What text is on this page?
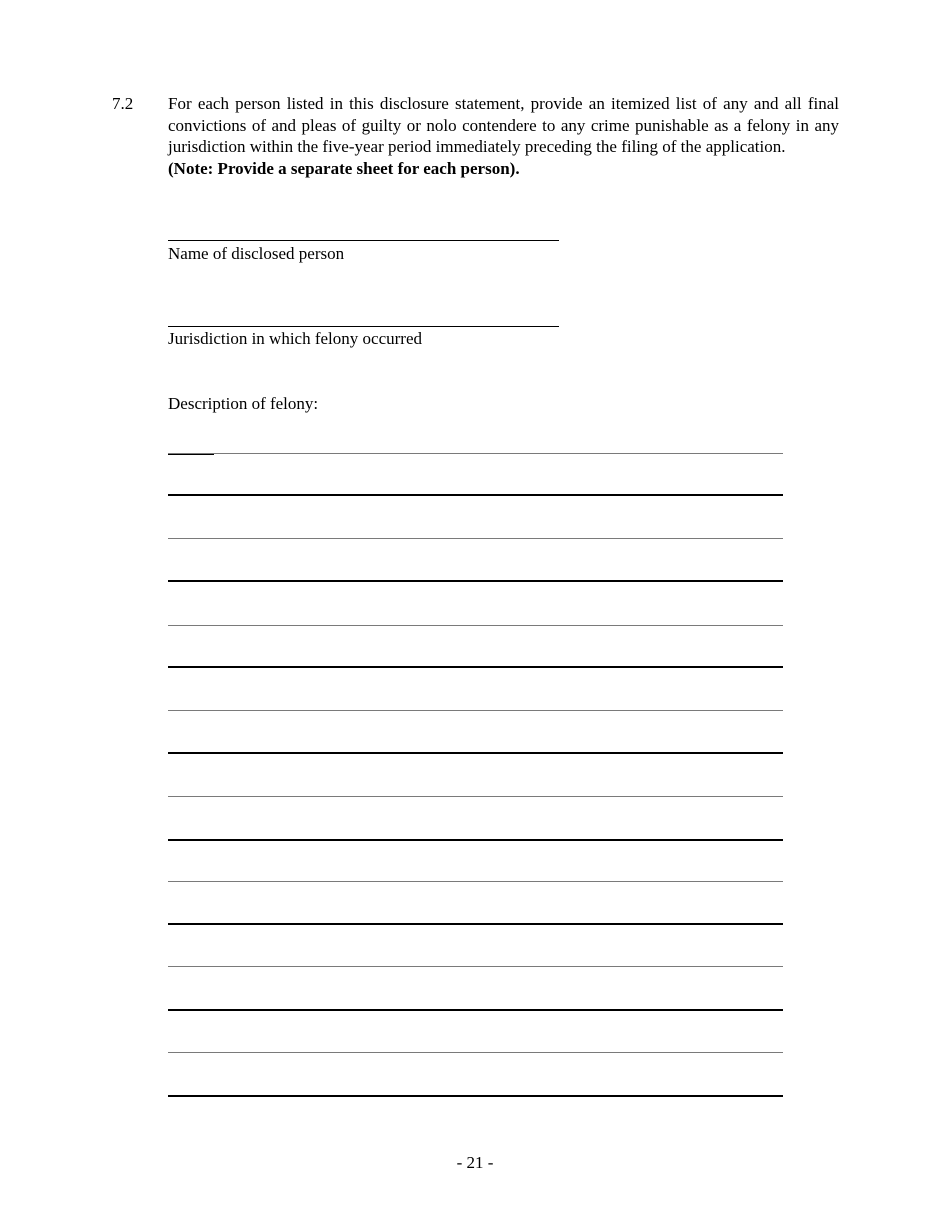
7.2 For each person listed in this disclosure statement, provide an itemized list of any and all final convictions of and pleas of guilty or nolo contendere to any crime punishable as a felony in any jurisdiction within the five-year period immediately preceding the filing of the application.

(Note: Provide a separate sheet for each person).

Name of disclosed person
Jurisdiction in which felony occurred
Description of felony:
- 21 -
